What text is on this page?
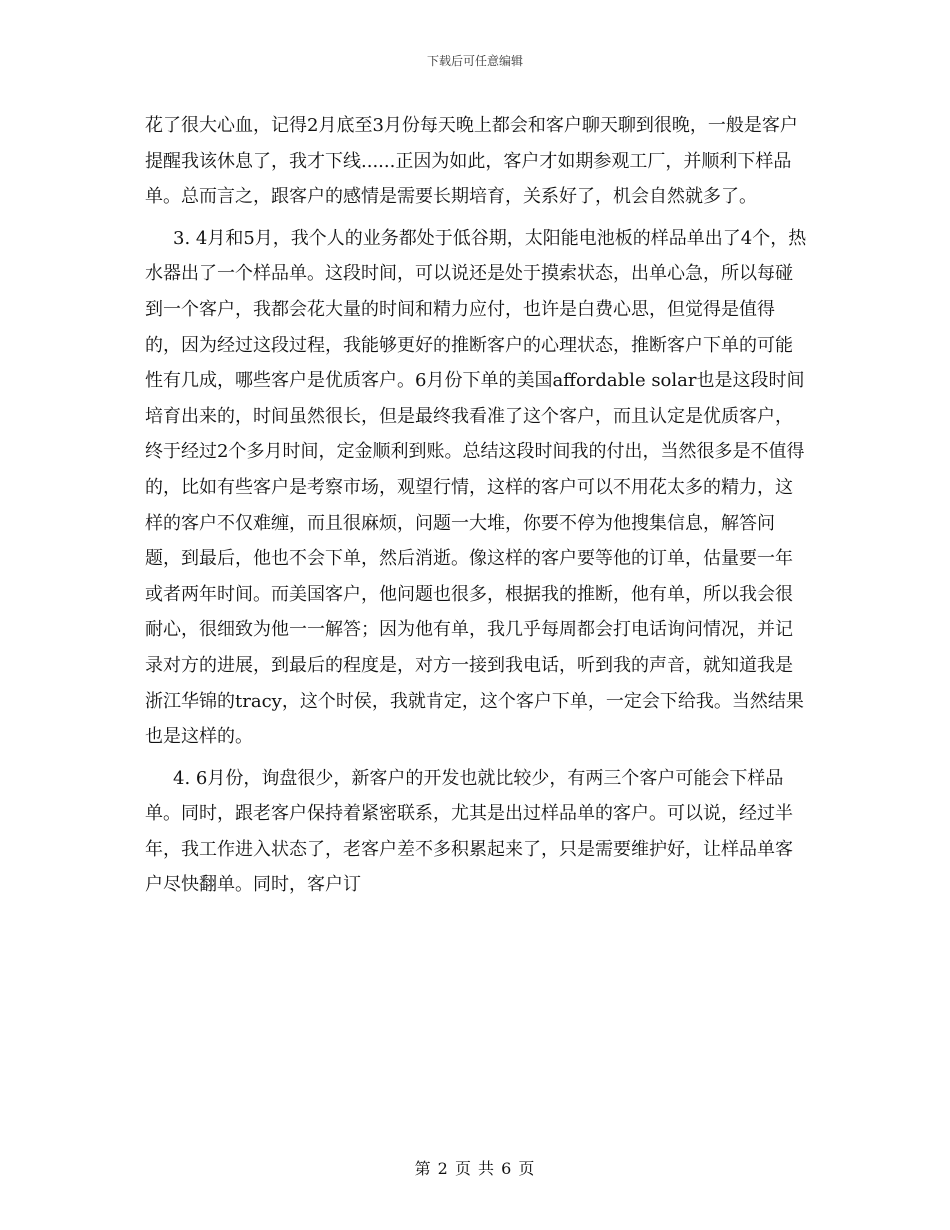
下载后可任意编辑

花了很大心血，记得2月底至3月份每天晚上都会和客户聊天聊到很晚，一般是客户提醒我该休息了，我才下线......正因为如此，客户才如期参观工厂，并顺利下样品单。总而言之，跟客户的感情是需要长期培育，关系好了，机会自然就多了。

3. 4月和5月，我个人的业务都处于低谷期，太阳能电池板的样品单出了4个，热水器出了一个样品单。这段时间，可以说还是处于摸索状态，出单心急，所以每碰到一个客户，我都会花大量的时间和精力应付，也许是白费心思，但觉得是值得的，因为经过这段过程，我能够更好的推断客户的心理状态，推断客户下单的可能性有几成，哪些客户是优质客户。6月份下单的美国affordable solar也是这段时间培育出来的，时间虽然很长，但是最终我看准了这个客户，而且认定是优质客户，终于经过2个多月时间，定金顺利到账。总结这段时间我的付出，当然很多是不值得的，比如有些客户是考察市场，观望行情，这样的客户可以不用花太多的精力，这样的客户不仅难缠，而且很麻烦，问题一大堆，你要不停为他搜集信息，解答问题，到最后，他也不会下单，然后消逝。像这样的客户要等他的订单，估量要一年或者两年时间。而美国客户，他问题也很多，根据我的推断，他有单，所以我会很耐心，很细致为他一一解答；因为他有单，我几乎每周都会打电话询问情况，并记录对方的进展，到最后的程度是，对方一接到我电话，听到我的声音，就知道我是浙江华锦的tracy，这个时侯，我就肯定，这个客户下单，一定会下给我。当然结果也是这样的。

4. 6月份，询盘很少，新客户的开发也就比较少，有两三个客户可能会下样品单。同时，跟老客户保持着紧密联系，尤其是出过样品单的客户。可以说，经过半年，我工作进入状态了，老客户差不多积累起来了，只是需要维护好，让样品单客户尽快翻单。同时，客户订

第 2 页 共 6 页
